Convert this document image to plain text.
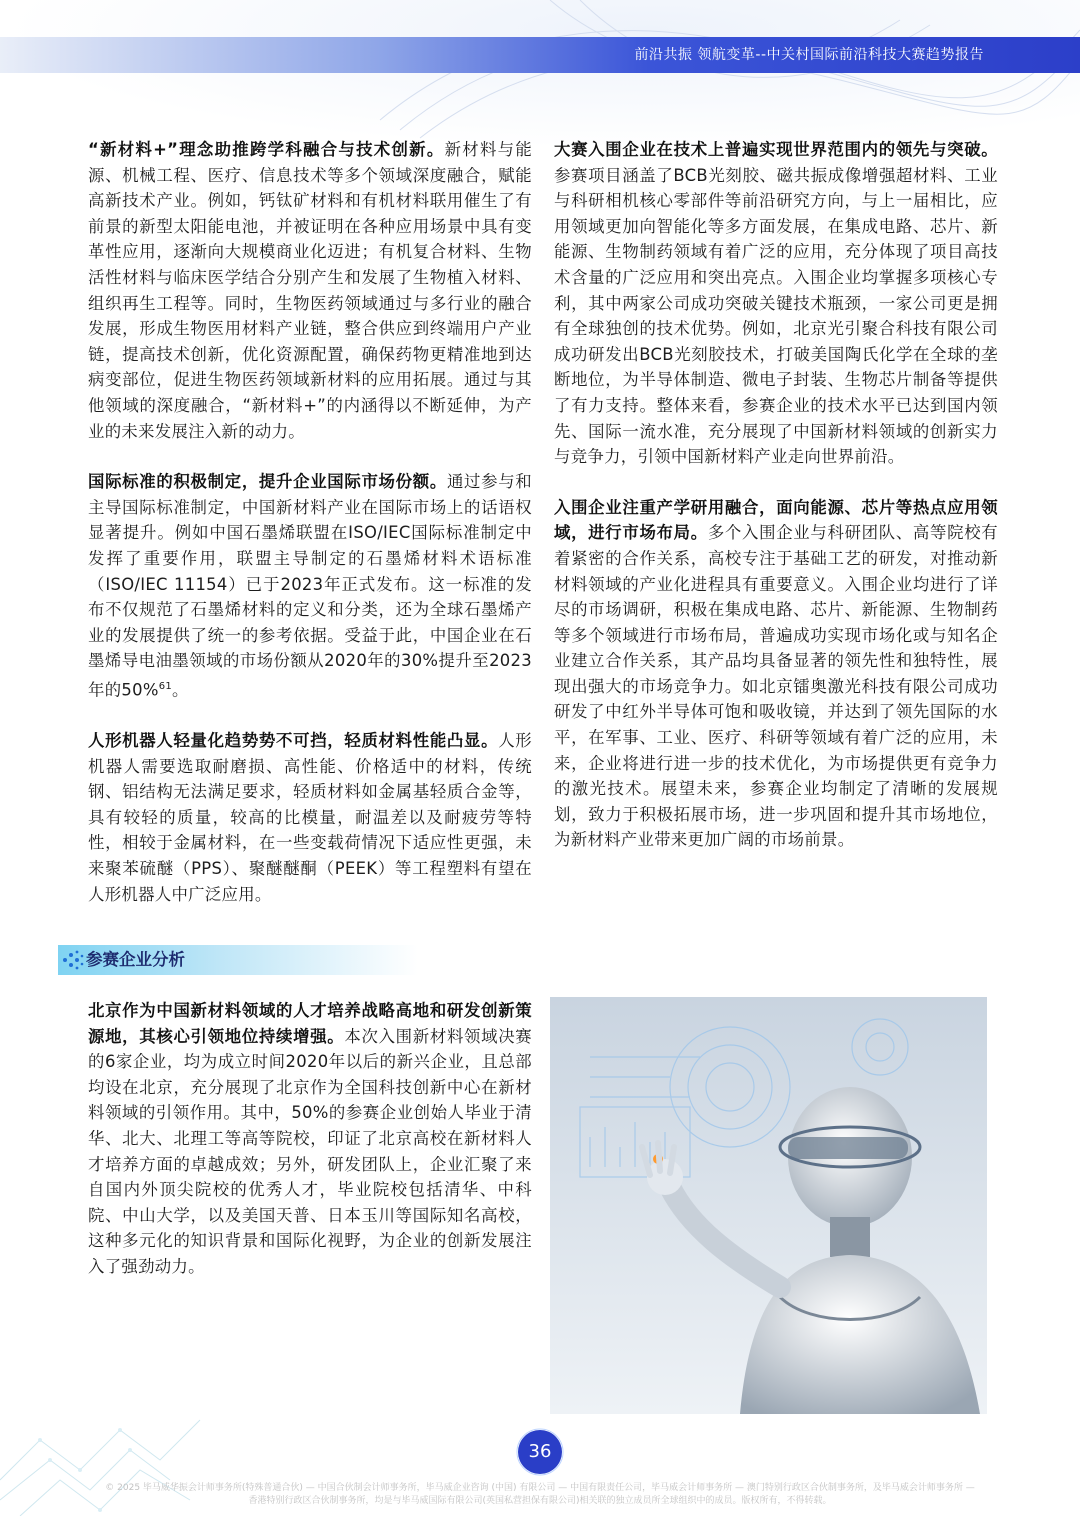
前沿共振 领航变革--中关村国际前沿科技大赛趋势报告

“新材料+”理念助推跨学科融合与技术创新。新材料与能源、机械工程、医疗、信息技术等多个领域深度融合，赋能高新技术产业。例如，钙钛矿材料和有机材料联用催生了有前景的新型太阳能电池，并被证明在各种应用场景中具有变革性应用，逐渐向大规模商业化迈进；有机复合材料、生物活性材料与临床医学结合分别产生和发展了生物植入材料、组织再生工程等。同时，生物医药领域通过与多行业的融合发展，形成生物医用材料产业链，整合供应到终端用户产业链，提高技术创新，优化资源配置，确保药物更精准地到达病变部位，促进生物医药领域新材料的应用拓展。通过与其他领域的深度融合，“新材料+”的内涵得以不断延伸，为产业的未来发展注入新的动力。

国际标准的积极制定，提升企业国际市场份额。通过参与和主导国际标准制定，中国新材料产业在国际市场上的话语权显著提升。例如中国石墨烯联盟在ISO/IEC国际标准制定中发挥了重要作用，联盟主导制定的石墨烯材料术语标准（ISO/IEC 11154）已于2023年正式发布。这一标准的发布不仅规范了石墨烯材料的定义和分类，还为全球石墨烯产业的发展提供了统一的参考依据。受益于此，中国企业在石墨烯导电油墨领域的市场份额从2020年的30%提升至2023年的50%$^{61}$。

人形机器人轻量化趋势势不可挡，轻质材料性能凸显。人形机器人需要选取耐磨损、高性能、价格适中的材料，传统钢、铝结构无法满足要求，轻质材料如金属基轻质合金等，具有较轻的质量，较高的比模量，耐温差以及耐疲劳等特性，相较于金属材料，在一些变载荷情况下适应性更强，未来聚苯硫醚（PPS）、聚醚醚酮（PEEK）等工程塑料有望在人形机器人中广泛应用。

大赛入围企业在技术上普遍实现世界范围内的领先与突破。参赛项目涵盖了BCB光刻胶、磁共振成像增强超材料、工业与科研相机核心零部件等前沿研究方向，与上一届相比，应用领域更加向智能化等多方面发展，在集成电路、芯片、新能源、生物制药领域有着广泛的应用，充分体现了项目高技术含量的广泛应用和突出亮点。入围企业均掌握多项核心专利，其中两家公司成功突破关键技术瓶颈，一家公司更是拥有全球独创的技术优势。例如，北京光引聚合科技有限公司成功研发出BCB光刻胶技术，打破美国陶氏化学在全球的垄断地位，为半导体制造、微电子封装、生物芯片制备等提供了有力支持。整体来看，参赛企业的技术水平已达到国内领先、国际一流水准，充分展现了中国新材料领域的创新实力与竞争力，引领中国新材料产业走向世界前沿。

入围企业注重产学研用融合，面向能源、芯片等热点应用领域，进行市场布局。多个入围企业与科研团队、高等院校有着紧密的合作关系，高校专注于基础工艺的研发，对推动新材料领域的产业化进程具有重要意义。入围企业均进行了详尽的市场调研，积极在集成电路、芯片、新能源、生物制药等多个领域进行市场布局，普遍成功实现市场化或与知名企业建立合作关系，其产品均具备显著的领先性和独特性，展现出强大的市场竞争力。如北京镭奥激光科技有限公司成功研发了中红外半导体可饱和吸收镜，并达到了领先国际的水平，在军事、工业、医疗、科研等领域有着广泛的应用，未来，企业将进行进一步的技术优化，为市场提供更有竞争力的激光技术。展望未来，参赛企业均制定了清晰的发展规划，致力于积极拓展市场，进一步巩固和提升其市场地位，为新材料产业带来更加广阔的市场前景。

参赛企业分析

北京作为中国新材料领域的人才培养战略高地和研发创新策源地，其核心引领地位持续增强。本次入围新材料领域决赛的6家企业，均为成立时间2020年以后的新兴企业，且总部均设在北京，充分展现了北京作为全国科技创新中心在新材料领域的引领作用。其中，50%的参赛企业创始人毕业于清华、北大、北理工等高等院校，印证了北京高校在新材料人才培养方面的卓越成效；另外，研发团队上，企业汇聚了来自国内外顶尖院校的优秀人才，毕业院校包括清华、中科院、中山大学，以及美国天普、日本玉川等国际知名高校，这种多元化的知识背景和国际化视野，为企业的创新发展注入了强劲动力。

36
© 2025 毕马威华振会计师事务所(特殊普通合伙) — 中国合伙制会计师事务所，毕马威企业咨询 (中国) 有限公司 — 中国有限责任公司，毕马威会计师事务所 — 澳门特别行政区合伙制事务所，及毕马威会计师事务所 —
香港特别行政区合伙制事务所，均是与毕马威国际有限公司(英国私营担保有限公司)相关联的独立成员所全球组织中的成员。版权所有，不得转载。
